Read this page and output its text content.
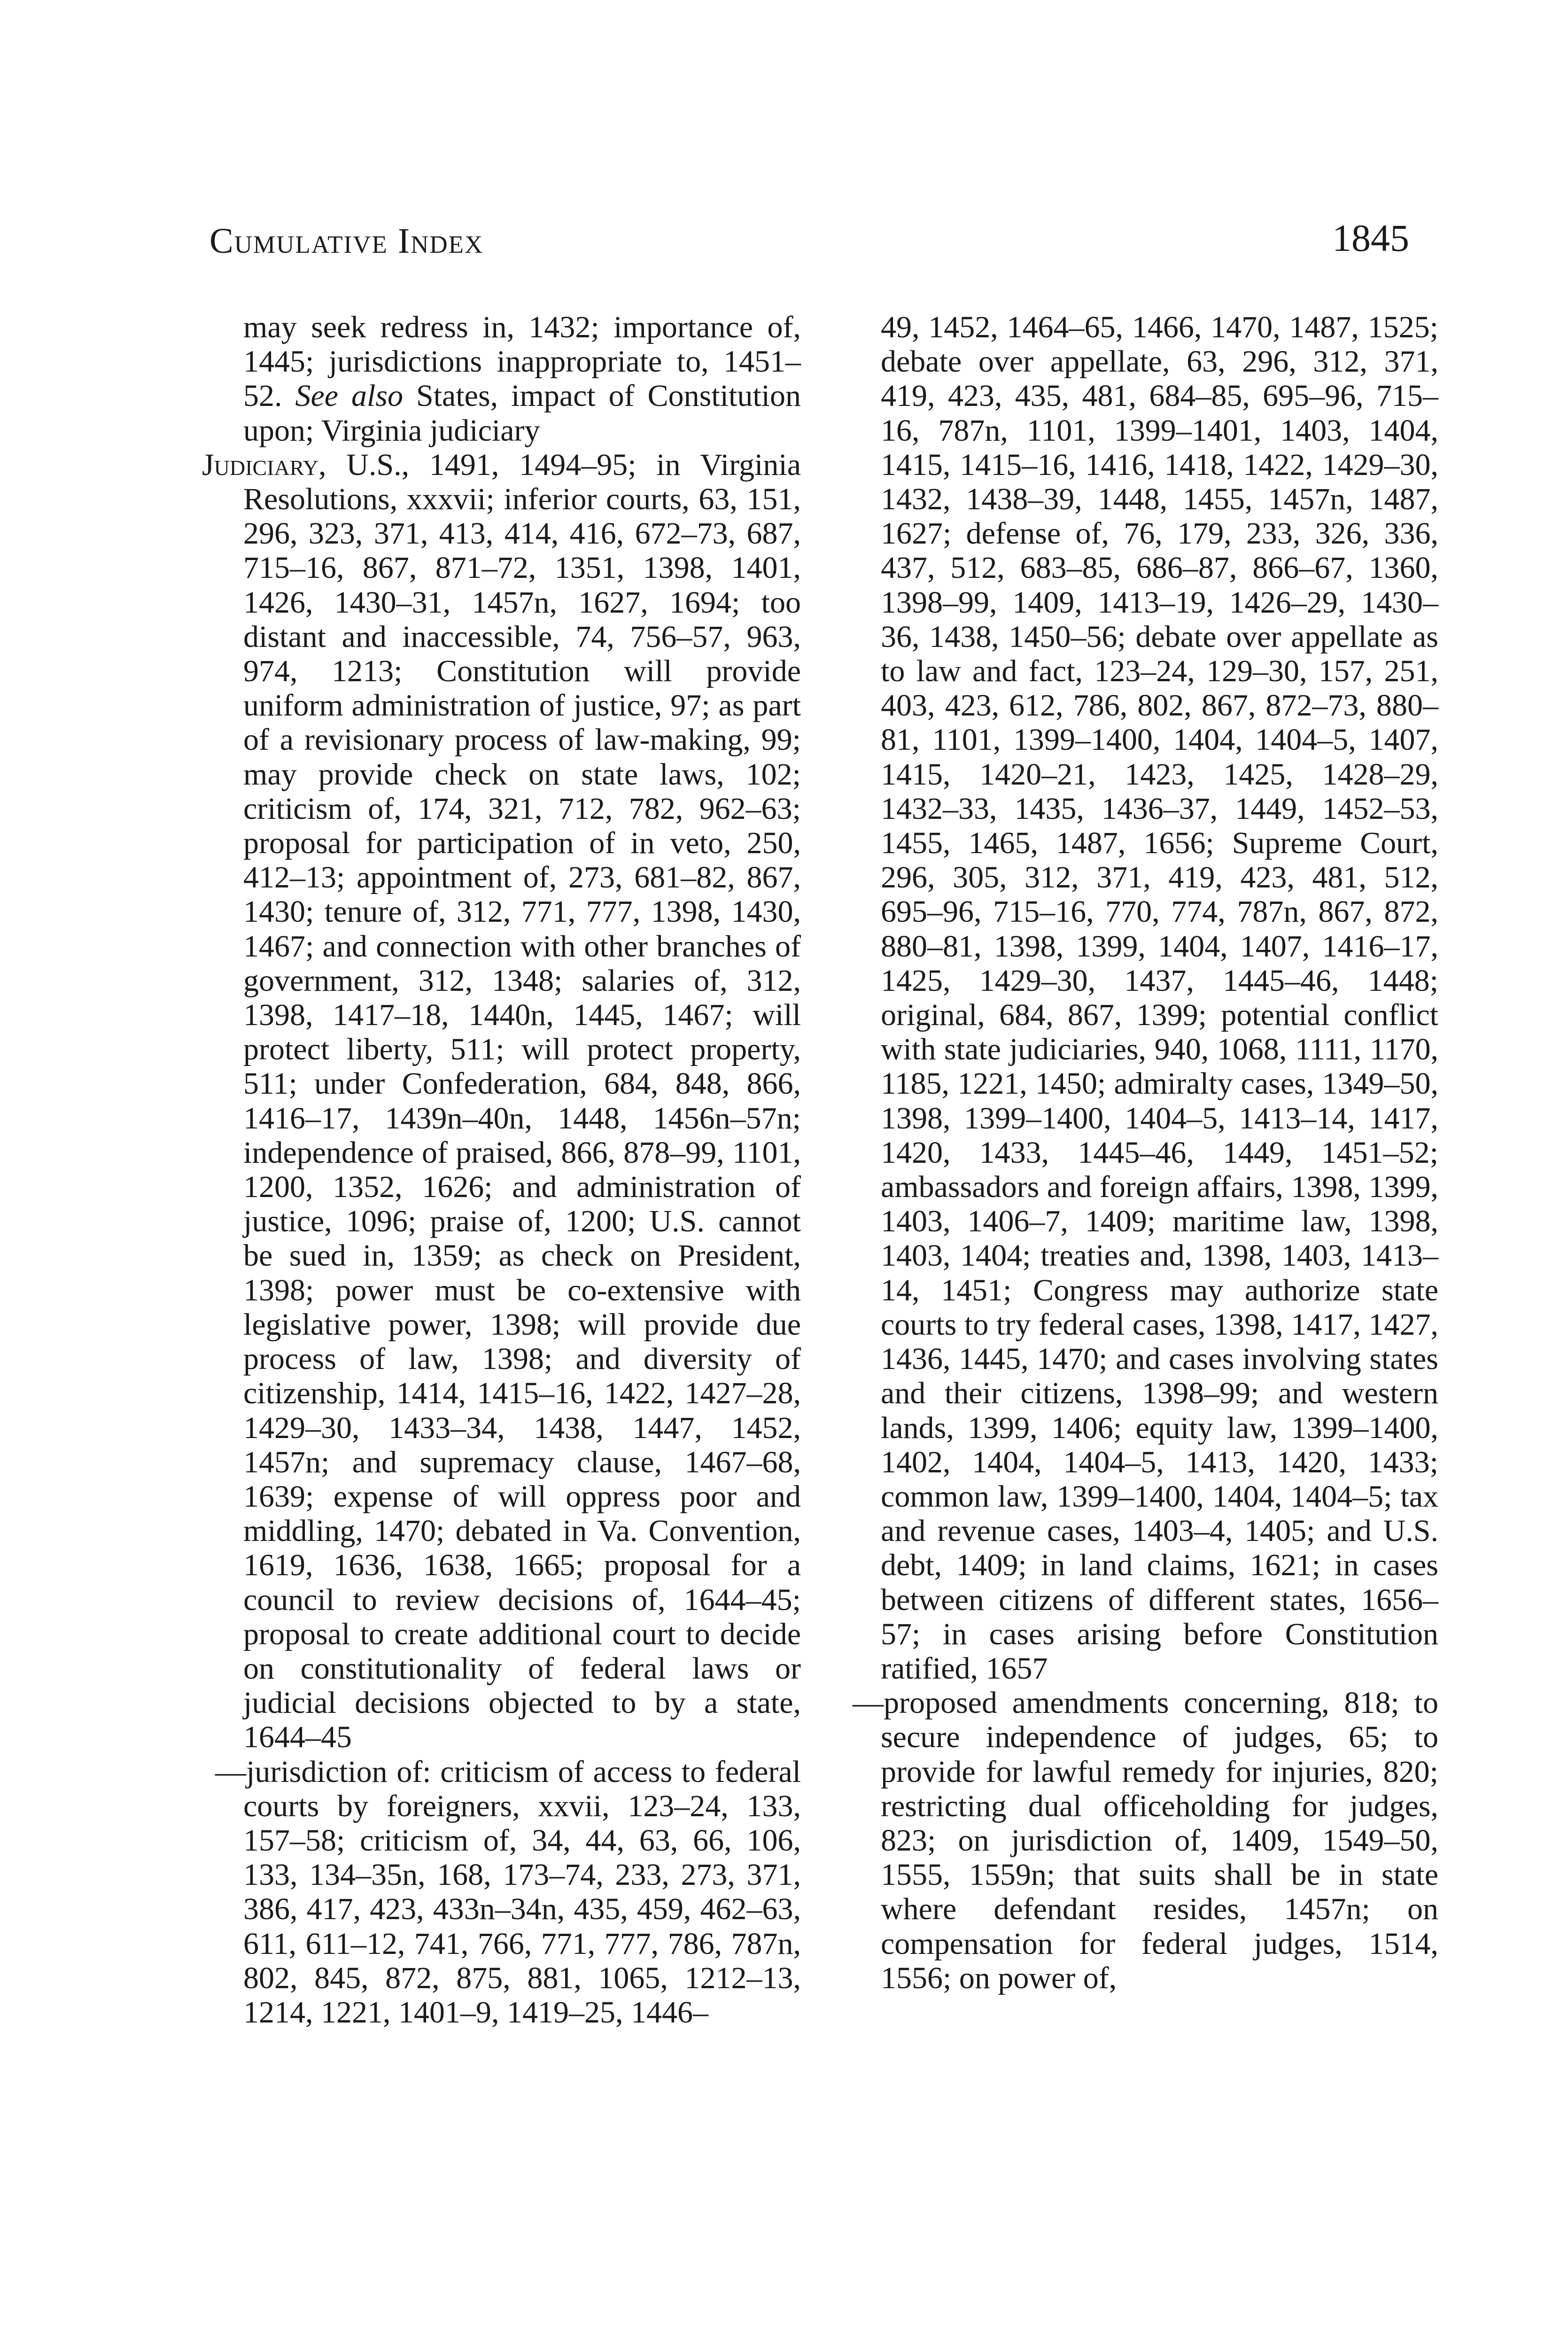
Cumulative Index	1845

may seek redress in, 1432; importance of, 1445; jurisdictions inappropriate to, 1451–52. See also States, impact of Constitution upon; Virginia judiciary

Judiciary, U.S., 1491, 1494–95; in Virginia Resolutions, xxxvii; inferior courts, 63, 151, 296, 323, 371, 413, 414, 416, 672–73, 687, 715–16, 867, 871–72, 1351, 1398, 1401, 1426, 1430–31, 1457n, 1627, 1694; too distant and inaccessible, 74, 756–57, 963, 974, 1213; Constitution will provide uniform administration of justice, 97; as part of a revisionary process of law-making, 99; may provide check on state laws, 102; criticism of, 174, 321, 712, 782, 962–63; proposal for participation of in veto, 250, 412–13; appointment of, 273, 681–82, 867, 1430; tenure of, 312, 771, 777, 1398, 1430, 1467; and connection with other branches of government, 312, 1348; salaries of, 312, 1398, 1417–18, 1440n, 1445, 1467; will protect liberty, 511; will protect property, 511; under Confederation, 684, 848, 866, 1416–17, 1439n–40n, 1448, 1456n–57n; independence of praised, 866, 878–99, 1101, 1200, 1352, 1626; and administration of justice, 1096; praise of, 1200; U.S. cannot be sued in, 1359; as check on President, 1398; power must be co-extensive with legislative power, 1398; will provide due process of law, 1398; and diversity of citizenship, 1414, 1415–16, 1422, 1427–28, 1429–30, 1433–34, 1438, 1447, 1452, 1457n; and supremacy clause, 1467–68, 1639; expense of will oppress poor and middling, 1470; debated in Va. Convention, 1619, 1636, 1638, 1665; proposal for a council to review decisions of, 1644–45; proposal to create additional court to decide on constitutionality of federal laws or judicial decisions objected to by a state, 1644–45

—jurisdiction of: criticism of access to federal courts by foreigners, xxvii, 123–24, 133, 157–58; criticism of, 34, 44, 63, 66, 106, 133, 134–35n, 168, 173–74, 233, 273, 371, 386, 417, 423, 433n–34n, 435, 459, 462–63, 611, 611–12, 741, 766, 771, 777, 786, 787n, 802, 845, 872, 875, 881, 1065, 1212–13, 1214, 1221, 1401–9, 1419–25, 1446–

49, 1452, 1464–65, 1466, 1470, 1487, 1525; debate over appellate, 63, 296, 312, 371, 419, 423, 435, 481, 684–85, 695–96, 715–16, 787n, 1101, 1399–1401, 1403, 1404, 1415, 1415–16, 1416, 1418, 1422, 1429–30, 1432, 1438–39, 1448, 1455, 1457n, 1487, 1627; defense of, 76, 179, 233, 326, 336, 437, 512, 683–85, 686–87, 866–67, 1360, 1398–99, 1409, 1413–19, 1426–29, 1430–36, 1438, 1450–56; debate over appellate as to law and fact, 123–24, 129–30, 157, 251, 403, 423, 612, 786, 802, 867, 872–73, 880–81, 1101, 1399–1400, 1404, 1404–5, 1407, 1415, 1420–21, 1423, 1425, 1428–29, 1432–33, 1435, 1436–37, 1449, 1452–53, 1455, 1465, 1487, 1656; Supreme Court, 296, 305, 312, 371, 419, 423, 481, 512, 695–96, 715–16, 770, 774, 787n, 867, 872, 880–81, 1398, 1399, 1404, 1407, 1416–17, 1425, 1429–30, 1437, 1445–46, 1448; original, 684, 867, 1399; potential conflict with state judiciaries, 940, 1068, 1111, 1170, 1185, 1221, 1450; admiralty cases, 1349–50, 1398, 1399–1400, 1404–5, 1413–14, 1417, 1420, 1433, 1445–46, 1449, 1451–52; ambassadors and foreign affairs, 1398, 1399, 1403, 1406–7, 1409; maritime law, 1398, 1403, 1404; treaties and, 1398, 1403, 1413–14, 1451; Congress may authorize state courts to try federal cases, 1398, 1417, 1427, 1436, 1445, 1470; and cases involving states and their citizens, 1398–99; and western lands, 1399, 1406; equity law, 1399–1400, 1402, 1404, 1404–5, 1413, 1420, 1433; common law, 1399–1400, 1404, 1404–5; tax and revenue cases, 1403–4, 1405; and U.S. debt, 1409; in land claims, 1621; in cases between citizens of different states, 1656–57; in cases arising before Constitution ratified, 1657

—proposed amendments concerning, 818; to secure independence of judges, 65; to provide for lawful remedy for injuries, 820; restricting dual officeholding for judges, 823; on jurisdiction of, 1409, 1549–50, 1555, 1559n; that suits shall be in state where defendant resides, 1457n; on compensation for federal judges, 1514, 1556; on power of,
